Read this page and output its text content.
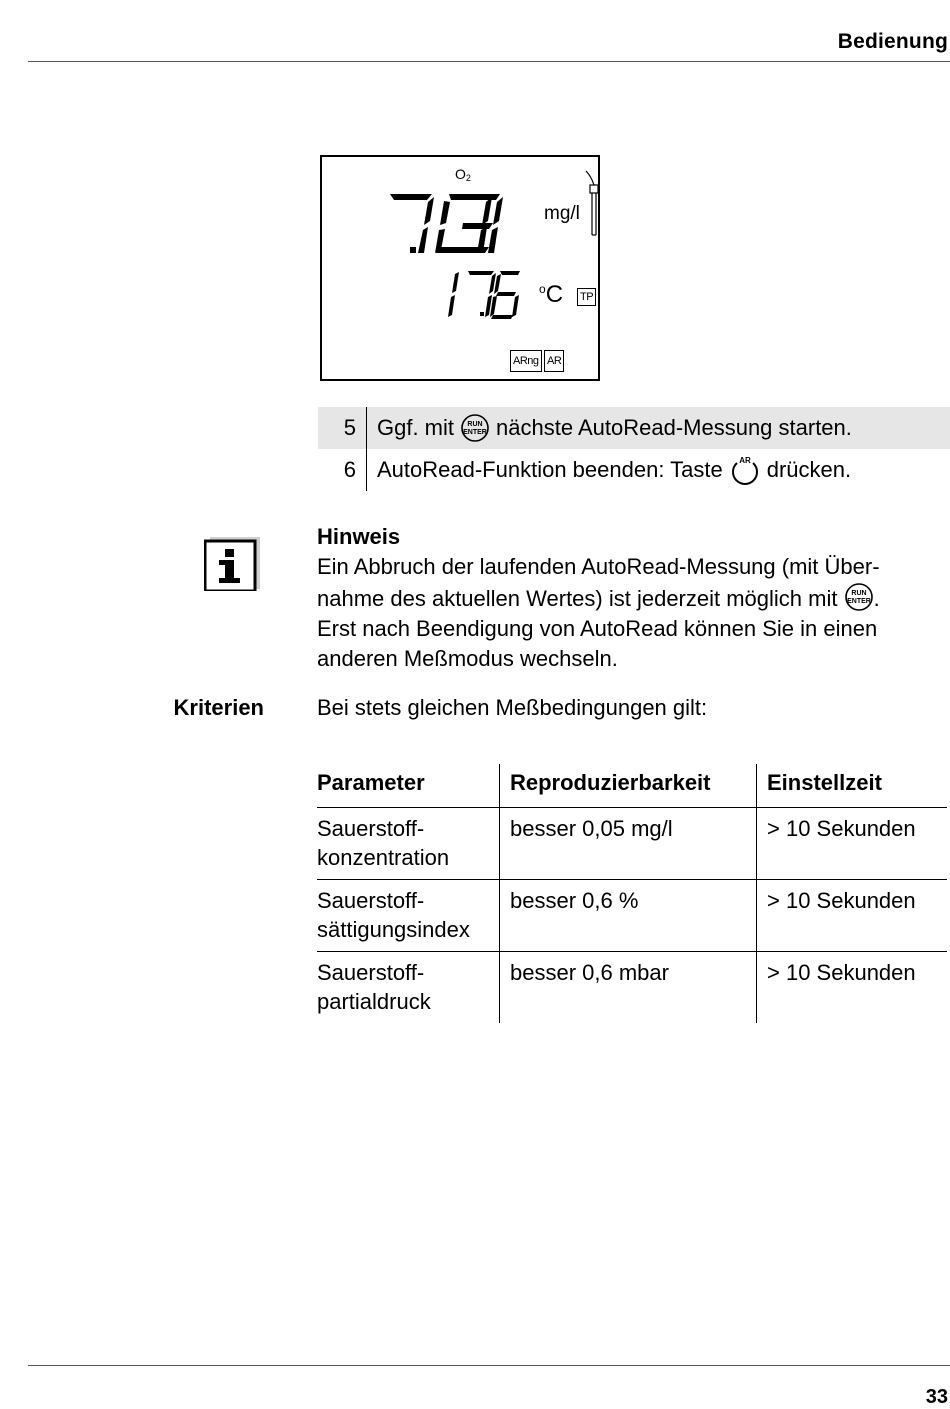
Bedienung
$O_2$
mg/l
$^o$C TP
ARng AR
5 Ggf. mit RUN
ENTER nächste AutoRead-Messung starten.
6 AutoRead-Funktion beenden: Taste AR drücken.
Hinweis
Ein Abbruch der laufenden AutoRead-Messung (mit Über-
nahme des aktuellen Wertes) ist jederzeit möglich mit RUN
ENTER .
Erst nach Beendigung von AutoRead können Sie in einen
anderen Meßmodus wechseln.
Kriterien Bei stets gleichen Meßbedingungen gilt:
Parameter	Reproduzierbarkeit	Einstellzeit
Sauerstoff-
konzentration	besser 0,05 mg/l	> 10 Sekunden
Sauerstoff-
sättigungsindex	besser 0,6 %	> 10 Sekunden
Sauerstoff-
partialdruck	besser 0,6 mbar	> 10 Sekunden
33
